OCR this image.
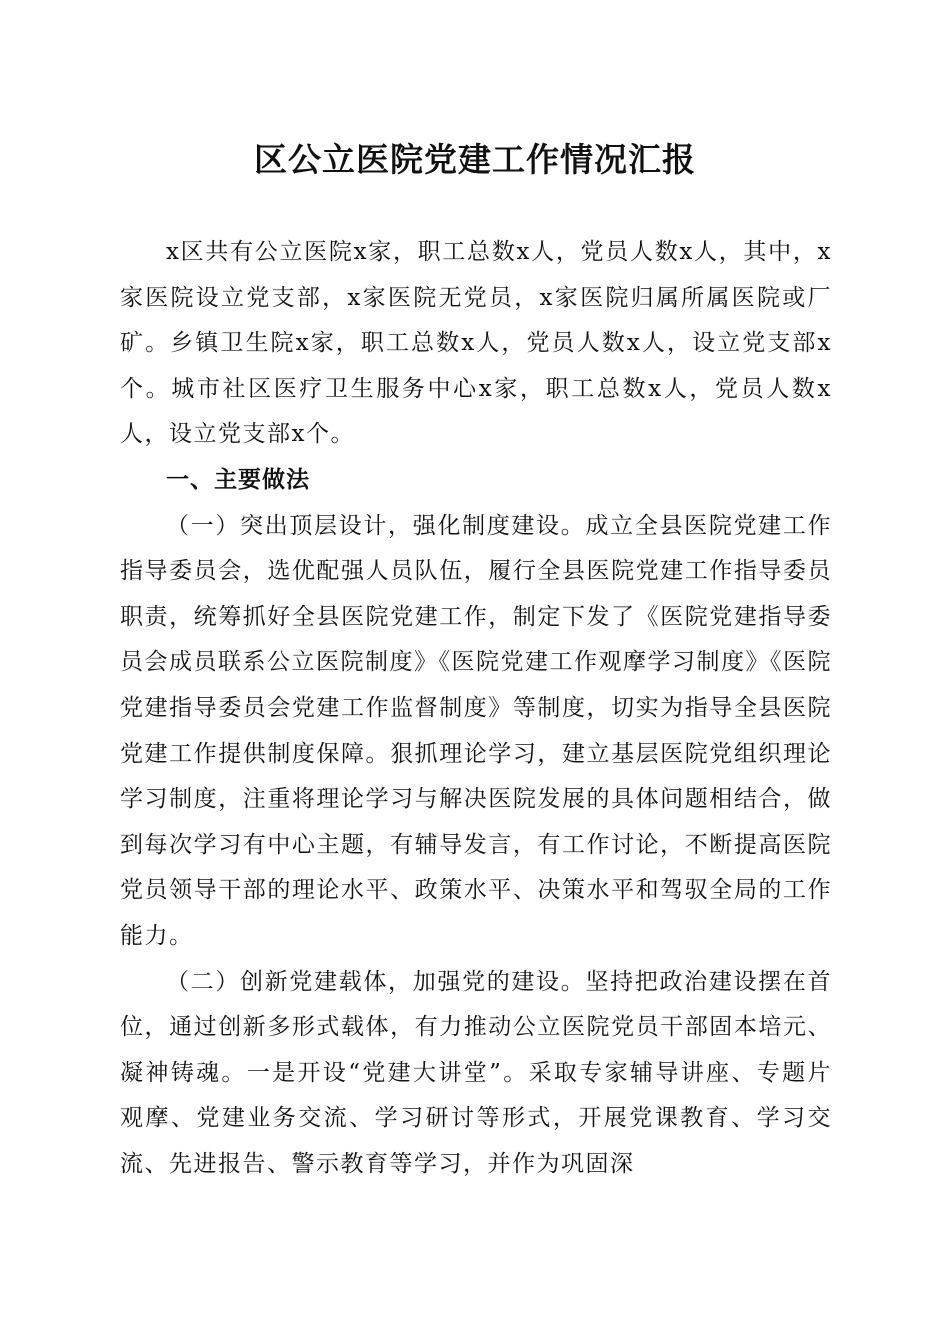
区公立医院党建工作情况汇报

x区共有公立医院x家，职工总数x人，党员人数x人，其中，x家医院设立党支部，x家医院无党员，x家医院归属所属医院或厂矿。乡镇卫生院x家，职工总数x人，党员人数x人，设立党支部x个。城市社区医疗卫生服务中心x家，职工总数x人，党员人数x人，设立党支部x个。

一、主要做法

（一）突出顶层设计，强化制度建设。成立全县医院党建工作指导委员会，选优配强人员队伍，履行全县医院党建工作指导委员职责，统筹抓好全县医院党建工作，制定下发了《医院党建指导委员会成员联系公立医院制度》《医院党建工作观摩学习制度》《医院党建指导委员会党建工作监督制度》等制度，切实为指导全县医院党建工作提供制度保障。狠抓理论学习，建立基层医院党组织理论学习制度，注重将理论学习与解决医院发展的具体问题相结合，做到每次学习有中心主题，有辅导发言，有工作讨论，不断提高医院党员领导干部的理论水平、政策水平、决策水平和驾驭全局的工作能力。

（二）创新党建载体，加强党的建设。坚持把政治建设摆在首位，通过创新多形式载体，有力推动公立医院党员干部固本培元、凝神铸魂。一是开设“党建大讲堂”。采取专家辅导讲座、专题片观摩、党建业务交流、学习研讨等形式，开展党课教育、学习交流、先进报告、警示教育等学习，并作为巩固深
